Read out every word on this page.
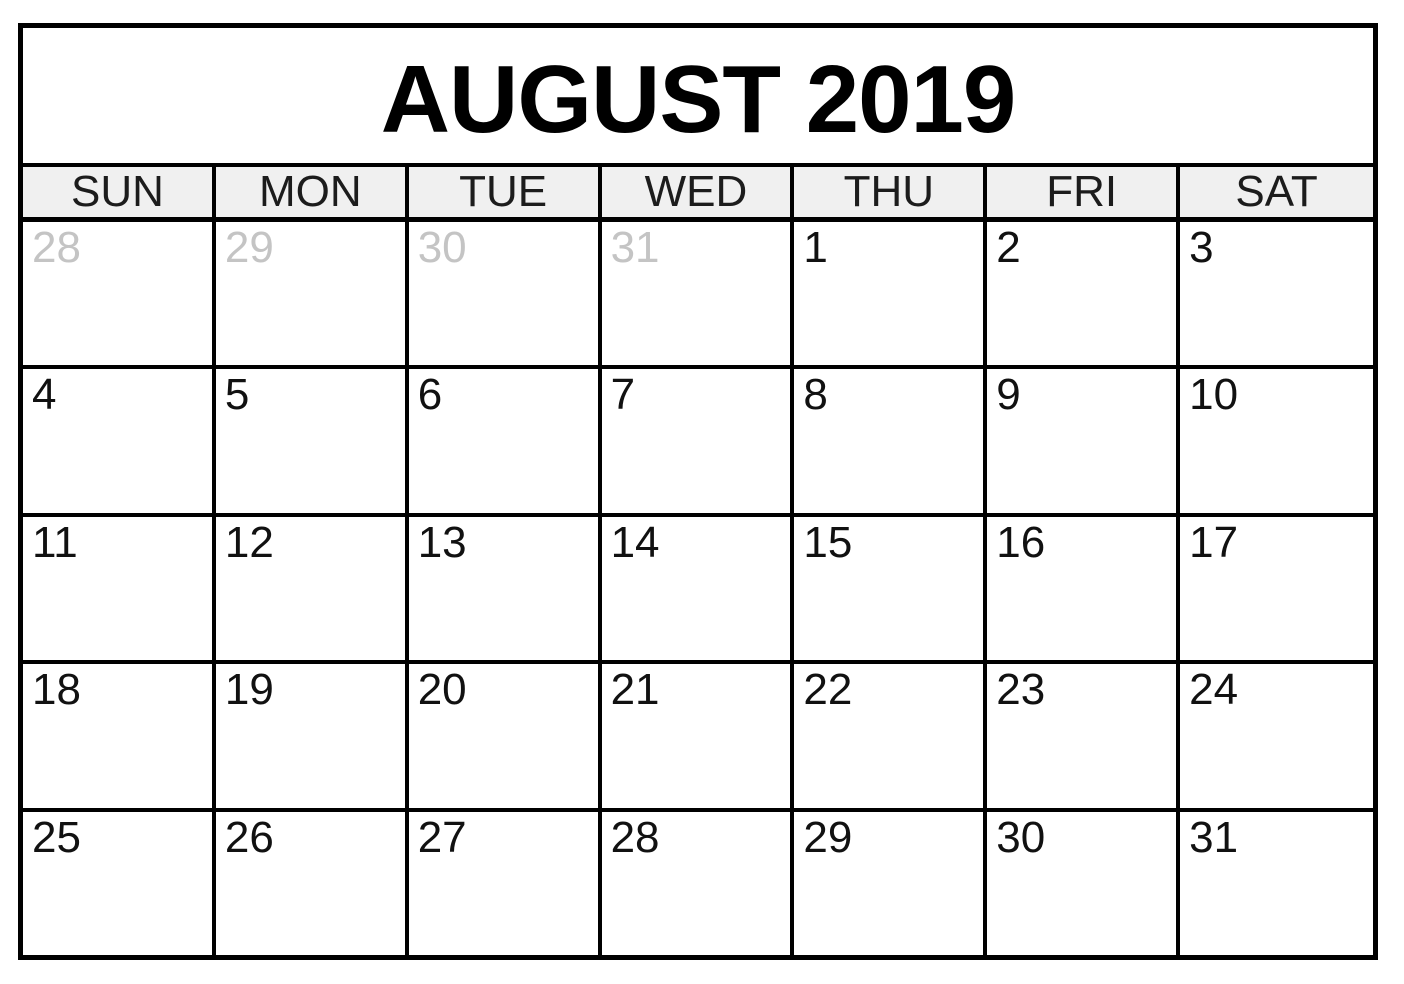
AUGUST 2019
SUN	MON	TUE	WED	THU	FRI	SAT
28	29	30	31	1	2	3
4	5	6	7	8	9	10
11	12	13	14	15	16	17
18	19	20	21	22	23	24
25	26	27	28	29	30	31
